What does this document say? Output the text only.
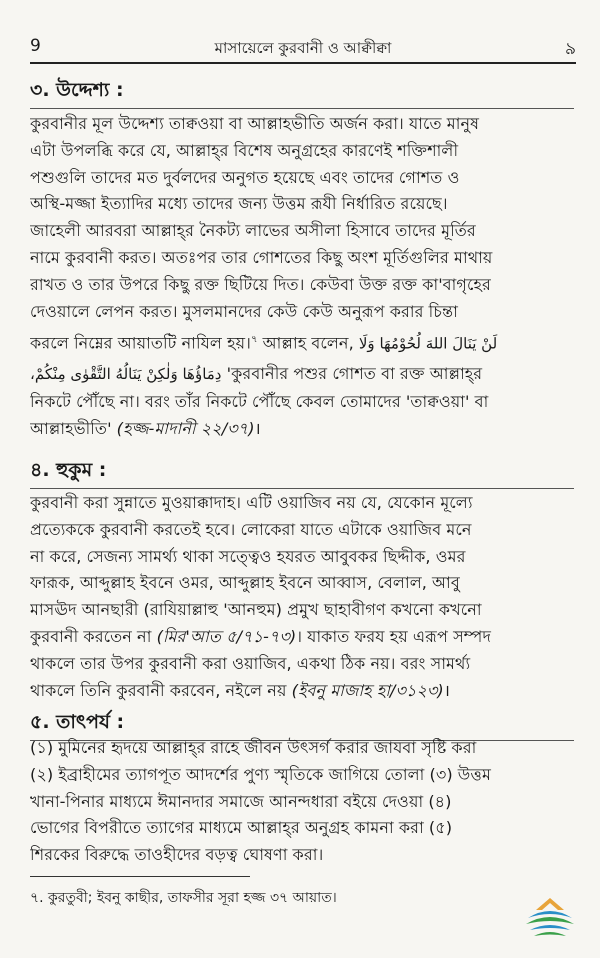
9	মাসায়েলে কুরবানী ও আক্বীক্বা	৯
৩. উদ্দেশ্য :

কুরবানীর মূল উদ্দেশ্য তাক্বওয়া বা আল্লাহভীতি অর্জন করা। যাতে মানুষ

এটা উপলব্ধি করে যে, আল্লাহ্‌র বিশেষ অনুগ্রহের কারণেই শক্তিশালী

পশুগুলি তাদের মত দুর্বলদের অনুগত হয়েছে এবং তাদের গোশত ও

অস্থি-মজ্জা ইত্যাদির মধ্যে তাদের জন্য উত্তম রূযী নির্ধারিত রয়েছে।

জাহেলী আরবরা আল্লাহ্‌র নৈকট্য লাভের অসীলা হিসাবে তাদের মূর্তির

নামে কুরবানী করত। অতঃপর তার গোশতের কিছু অংশ মূর্তিগুলির মাথায়

রাখত ও তার উপরে কিছু রক্ত ছিটিয়ে দিত। কেউবা উক্ত রক্ত কা'বাগৃহের

দেওয়ালে লেপন করত। মুসলমানদের কেউ কেউ অনুরূপ করার চিন্তা

করলে নিম্নের আয়াতটি নাযিল হয়।$^৭$ আল্লাহ বলেন, لَنْ يَنَالَ اللهَ لُحُوْمُهَا وَلَا

دِمَاؤُهَا وَلٰكِنْ يَنَالُهُ التَّقْوٰى مِنْكُمْ، 'কুরবানীর পশুর গোশত বা রক্ত আল্লাহ্‌র

নিকটে পৌঁছে না। বরং তাঁর নিকটে পৌঁছে কেবল তোমাদের 'তাক্বওয়া' বা

আল্লাহভীতি' (হজ্জ-মাদানী ২২/৩৭)।

৪. হুকুম :

কুরবানী করা সুন্নাতে মুওয়াক্কাদাহ। এটি ওয়াজিব নয় যে, যেকোন মূল্যে

প্রত্যেককে কুরবানী করতেই হবে। লোকেরা যাতে এটাকে ওয়াজিব মনে

না করে, সেজন্য সামর্থ্য থাকা সত্ত্বেও হযরত আবুবকর ছিদ্দীক, ওমর

ফারূক, আব্দুল্লাহ ইবনে ওমর, আব্দুল্লাহ ইবনে আব্বাস, বেলাল, আবু

মাসঊদ আনছারী (রাযিয়াল্লাহু 'আনহুম) প্রমুখ ছাহাবীগণ কখনো কখনো

কুরবানী করতেন না (মির'আত ৫/৭১-৭৩)। যাকাত ফরয হয় এরূপ সম্পদ

থাকলে তার উপর কুরবানী করা ওয়াজিব, একথা ঠিক নয়। বরং সামর্থ্য

থাকলে তিনি কুরবানী করবেন, নইলে নয় (ইবনু মাজাহ হা/৩১২৩)।

৫. তাৎপর্য :

(১) মুমিনের হৃদয়ে আল্লাহ্‌র রাহে জীবন উৎসর্গ করার জাযবা সৃষ্টি করা

(২) ইব্রাহীমের ত্যাগপূত আদর্শের পুণ্য স্মৃতিকে জাগিয়ে তোলা (৩) উত্তম

খানা-পিনার মাধ্যমে ঈমানদার সমাজে আনন্দধারা বইয়ে দেওয়া (৪)

ভোগের বিপরীতে ত্যাগের মাধ্যমে আল্লাহ্‌র অনুগ্রহ কামনা করা (৫)

শিরকের বিরুদ্ধে তাওহীদের বড়ত্ব ঘোষণা করা।

৭. কুরতুবী; ইবনু কাছীর, তাফসীর সূরা হজ্জ ৩৭ আয়াত।
